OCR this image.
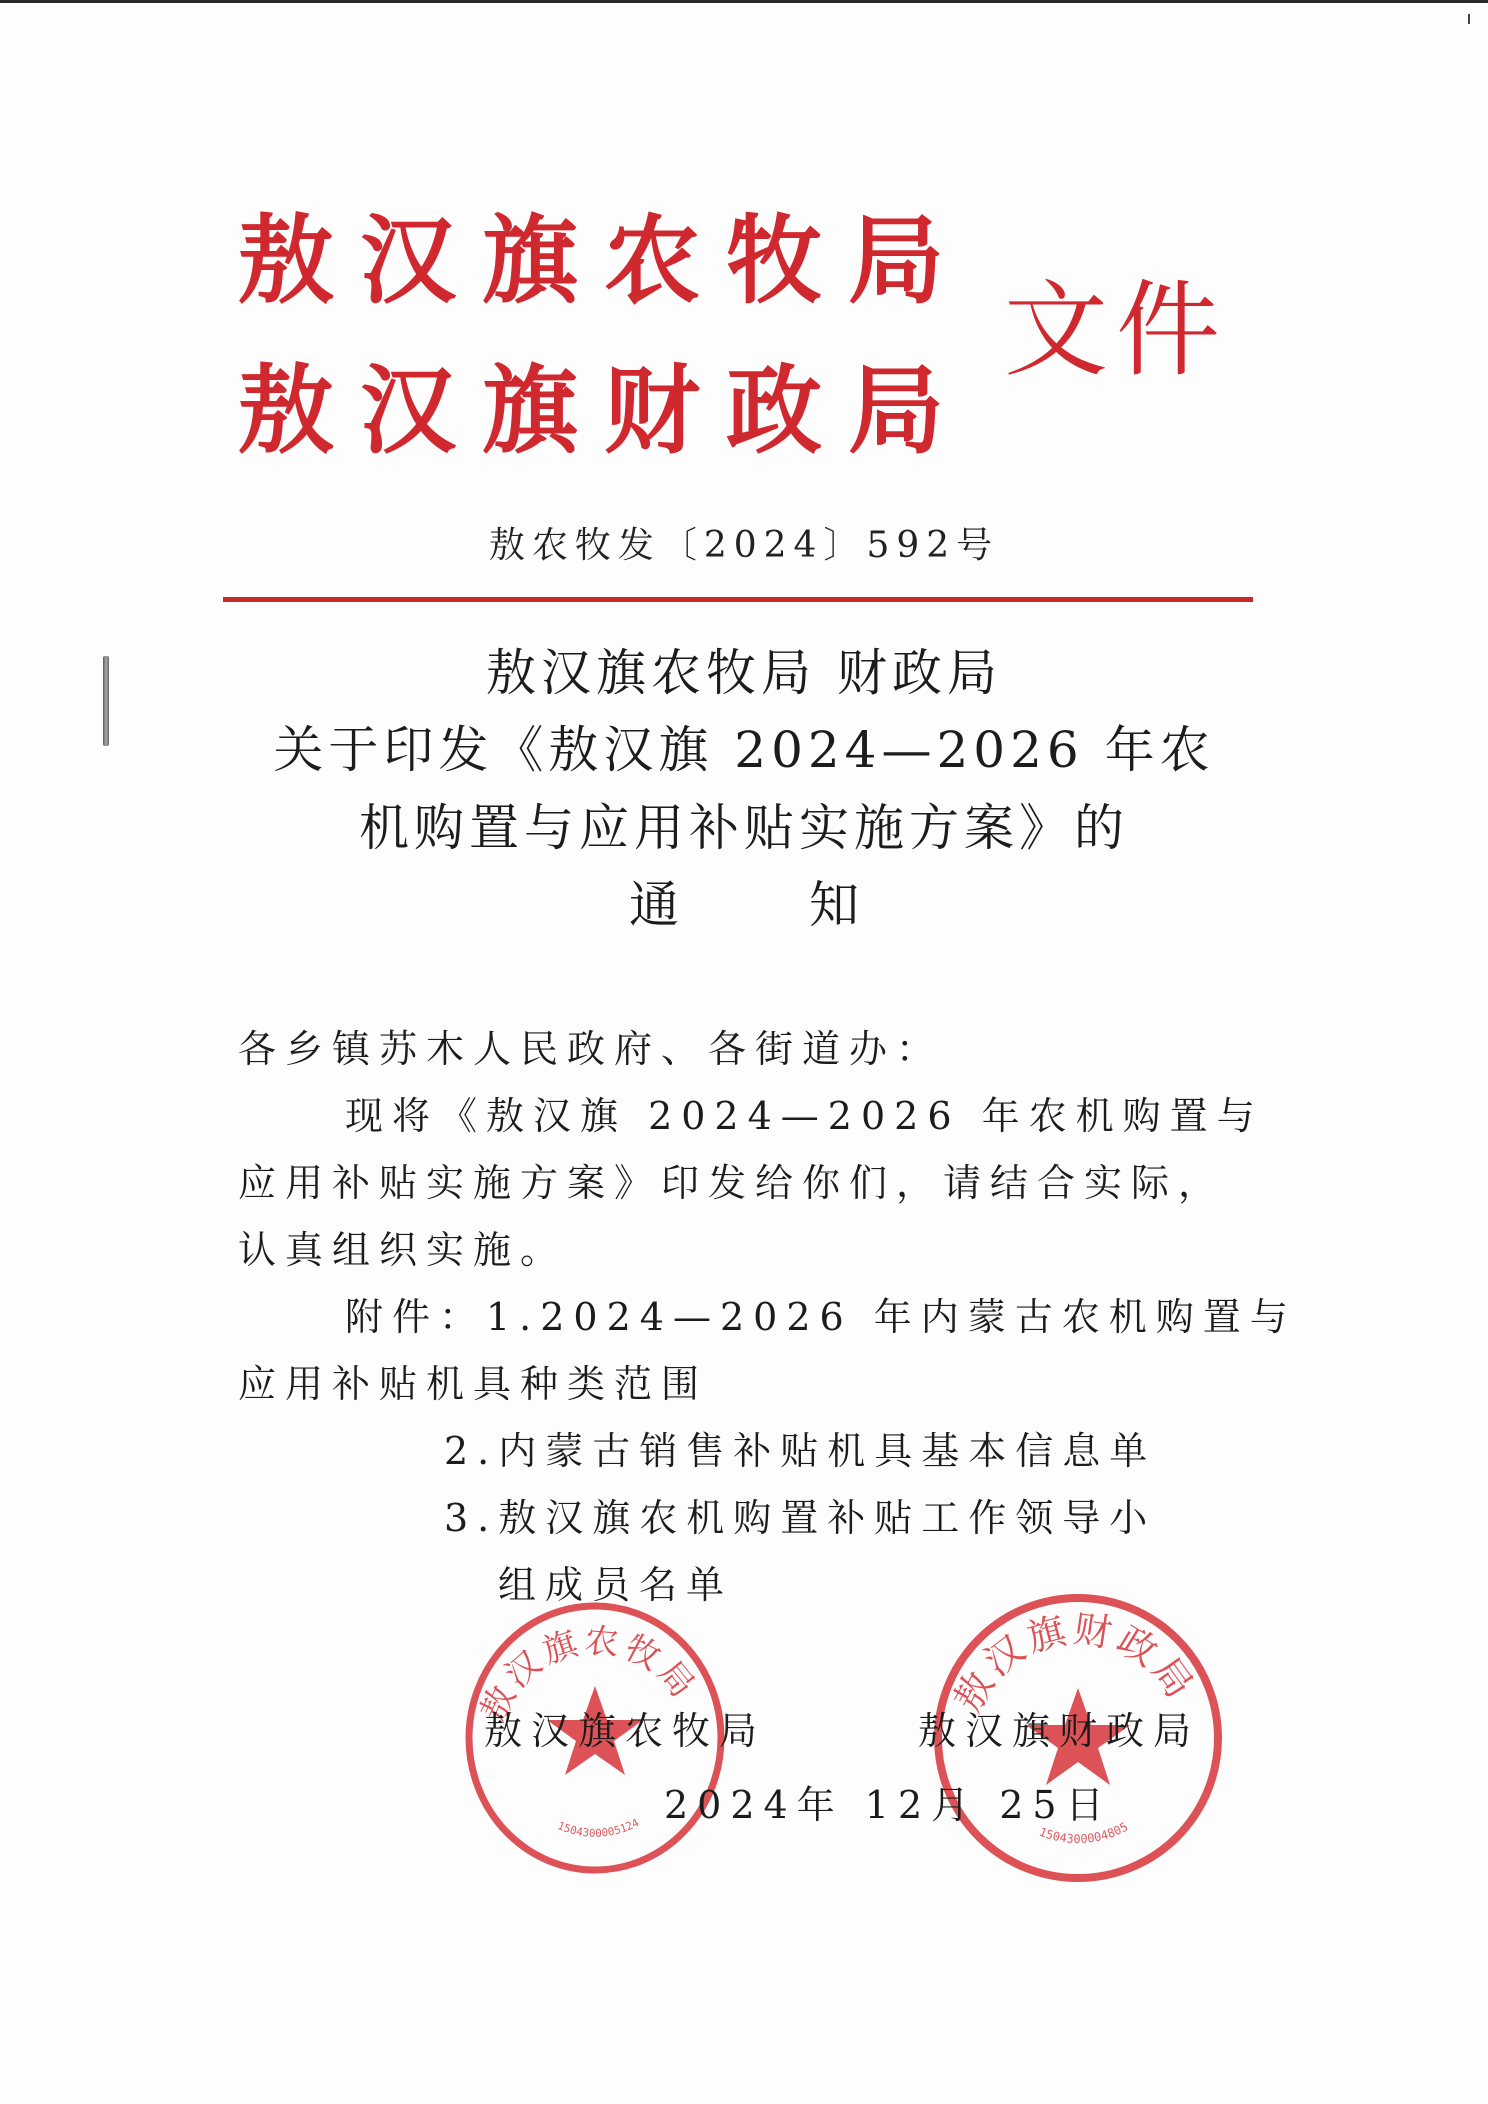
敖汉旗农牧局
敖汉旗财政局
文件
敖农牧发〔2024〕592号
敖汉旗农牧局 财政局
关于印发《敖汉旗 2024—2026 年农
机购置与应用补贴实施方案》的
通知
各乡镇苏木人民政府、各街道办：
现将《敖汉旗 2024—2026 年农机购置与
应用补贴实施方案》印发给你们，请结合实际，
认真组织实施。
附件：1.2024—2026 年内蒙古农机购置与
应用补贴机具种类范围
2.内蒙古销售补贴机具基本信息单
3.敖汉旗农机购置补贴工作领导小
组成员名单
敖汉旗农牧局
1504300005124
敖汉旗财政局
1504300004805
敖汉旗农牧局	敖汉旗财政局
2024年 12月 25日
